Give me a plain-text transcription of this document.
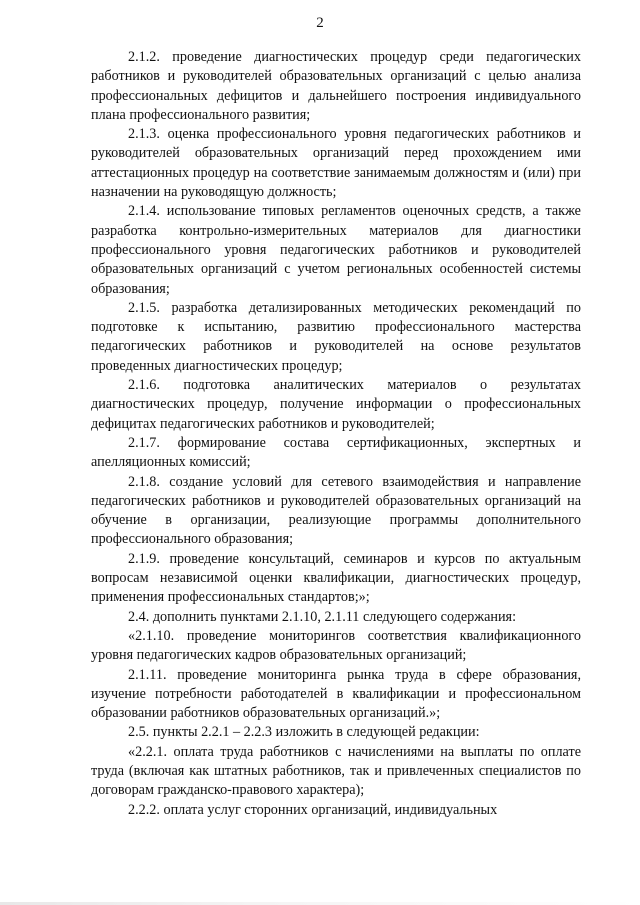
2

2.1.2. проведение диагностических процедур среди педагогических работников и руководителей образовательных организаций с целью анализа профессиональных дефицитов и дальнейшего построения индивидуального плана профессионального развития;

2.1.3. оценка профессионального уровня педагогических работников и руководителей образовательных организаций перед прохождением ими аттестационных процедур на соответствие занимаемым должностям и (или) при назначении на руководящую должность;

2.1.4. использование типовых регламентов оценочных средств, а также разработка контрольно-измерительных материалов для диагностики профессионального уровня педагогических работников и руководителей образовательных организаций с учетом региональных особенностей системы образования;

2.1.5. разработка детализированных методических рекомендаций по подготовке к испытанию, развитию профессионального мастерства педагогических работников и руководителей на основе результатов проведенных диагностических процедур;

2.1.6. подготовка аналитических материалов о результатах диагностических процедур, получение информации о профессиональных дефицитах педагогических работников и руководителей;

2.1.7. формирование состава сертификационных, экспертных и апелляционных комиссий;

2.1.8. создание условий для сетевого взаимодействия и направление педагогических работников и руководителей образовательных организаций на обучение в организации, реализующие программы дополнительного профессионального образования;

2.1.9. проведение консультаций, семинаров и курсов по актуальным вопросам независимой оценки квалификации, диагностических процедур, применения профессиональных стандартов;»;

2.4. дополнить пунктами 2.1.10, 2.1.11 следующего содержания:

«2.1.10. проведение мониторингов соответствия квалификационного уровня педагогических кадров образовательных организаций;

2.1.11. проведение мониторинга рынка труда в сфере образования, изучение потребности работодателей в квалификации и профессиональном образовании работников образовательных организаций.»;

2.5. пункты 2.2.1 – 2.2.3 изложить в следующей редакции:

«2.2.1. оплата труда работников с начислениями на выплаты по оплате труда (включая как штатных работников, так и привлеченных специалистов по договорам гражданско-правового характера);

2.2.2. оплата услуг сторонних организаций, индивидуальных
